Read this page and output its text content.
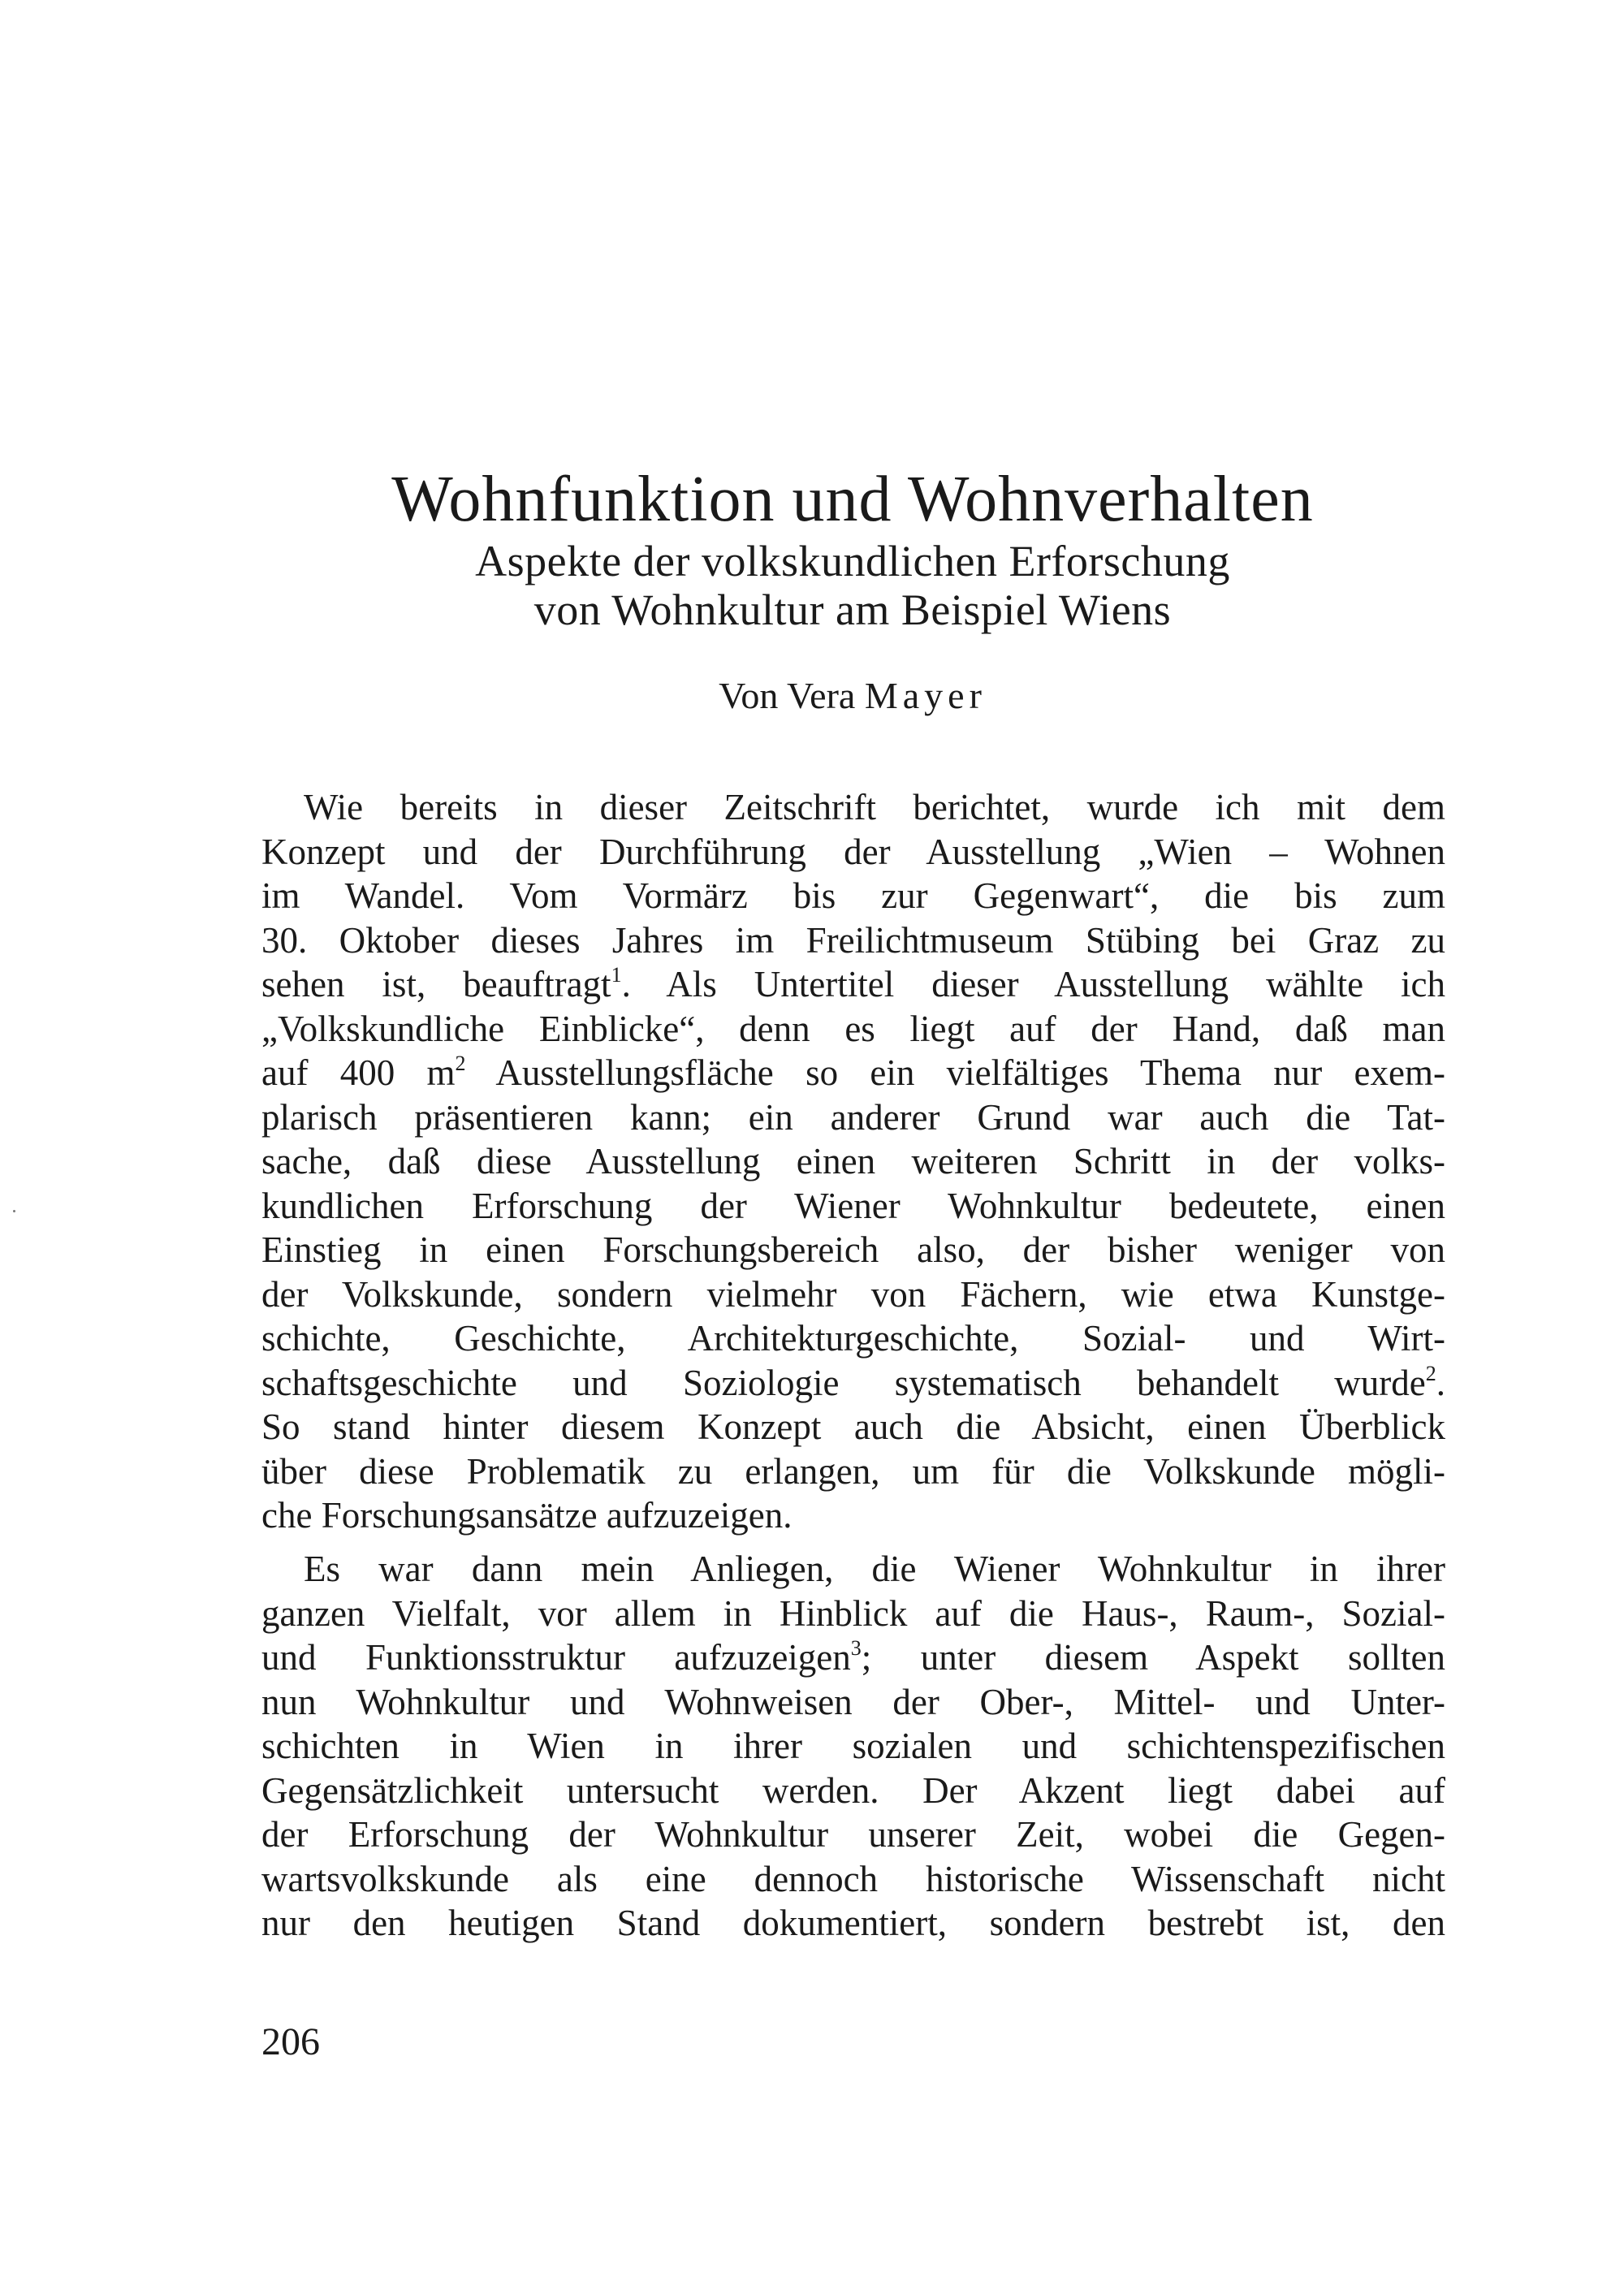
Wohnfunktion und Wohnverhalten
Aspekte der volkskundlichen Erforschung
von Wohnkultur am Beispiel Wiens

Von Vera Mayer

Wie bereits in dieser Zeitschrift berichtet, wurde ich mit dem
Konzept und der Durchführung der Ausstellung „Wien – Wohnen
im Wandel. Vom Vormärz bis zur Gegenwart“, die bis zum
30. Oktober dieses Jahres im Freilichtmuseum Stübing bei Graz zu
sehen ist, beauftragt$^1$. Als Untertitel dieser Ausstellung wählte ich
„Volkskundliche Einblicke“, denn es liegt auf der Hand, daß man
auf 400 $m^2$ Ausstellungsfläche so ein vielfältiges Thema nur exem-
plarisch präsentieren kann; ein anderer Grund war auch die Tat-
sache, daß diese Ausstellung einen weiteren Schritt in der volks-
kundlichen Erforschung der Wiener Wohnkultur bedeutete, einen
Einstieg in einen Forschungsbereich also, der bisher weniger von
der Volkskunde, sondern vielmehr von Fächern, wie etwa Kunstge-
schichte, Geschichte, Architekturgeschichte, Sozial- und Wirt-
schaftsgeschichte und Soziologie systematisch behandelt wurde$^2$.
So stand hinter diesem Konzept auch die Absicht, einen Überblick
über diese Problematik zu erlangen, um für die Volkskunde mögli-
che Forschungsansätze aufzuzeigen.
Es war dann mein Anliegen, die Wiener Wohnkultur in ihrer
ganzen Vielfalt, vor allem in Hinblick auf die Haus-, Raum-, Sozial-
und Funktionsstruktur aufzuzeigen$^3$; unter diesem Aspekt sollten
nun Wohnkultur und Wohnweisen der Ober-, Mittel- und Unter-
schichten in Wien in ihrer sozialen und schichtenspezifischen
Gegensätzlichkeit untersucht werden. Der Akzent liegt dabei auf
der Erforschung der Wohnkultur unserer Zeit, wobei die Gegen-
wartsvolkskunde als eine dennoch historische Wissenschaft nicht
nur den heutigen Stand dokumentiert, sondern bestrebt ist, den

206
